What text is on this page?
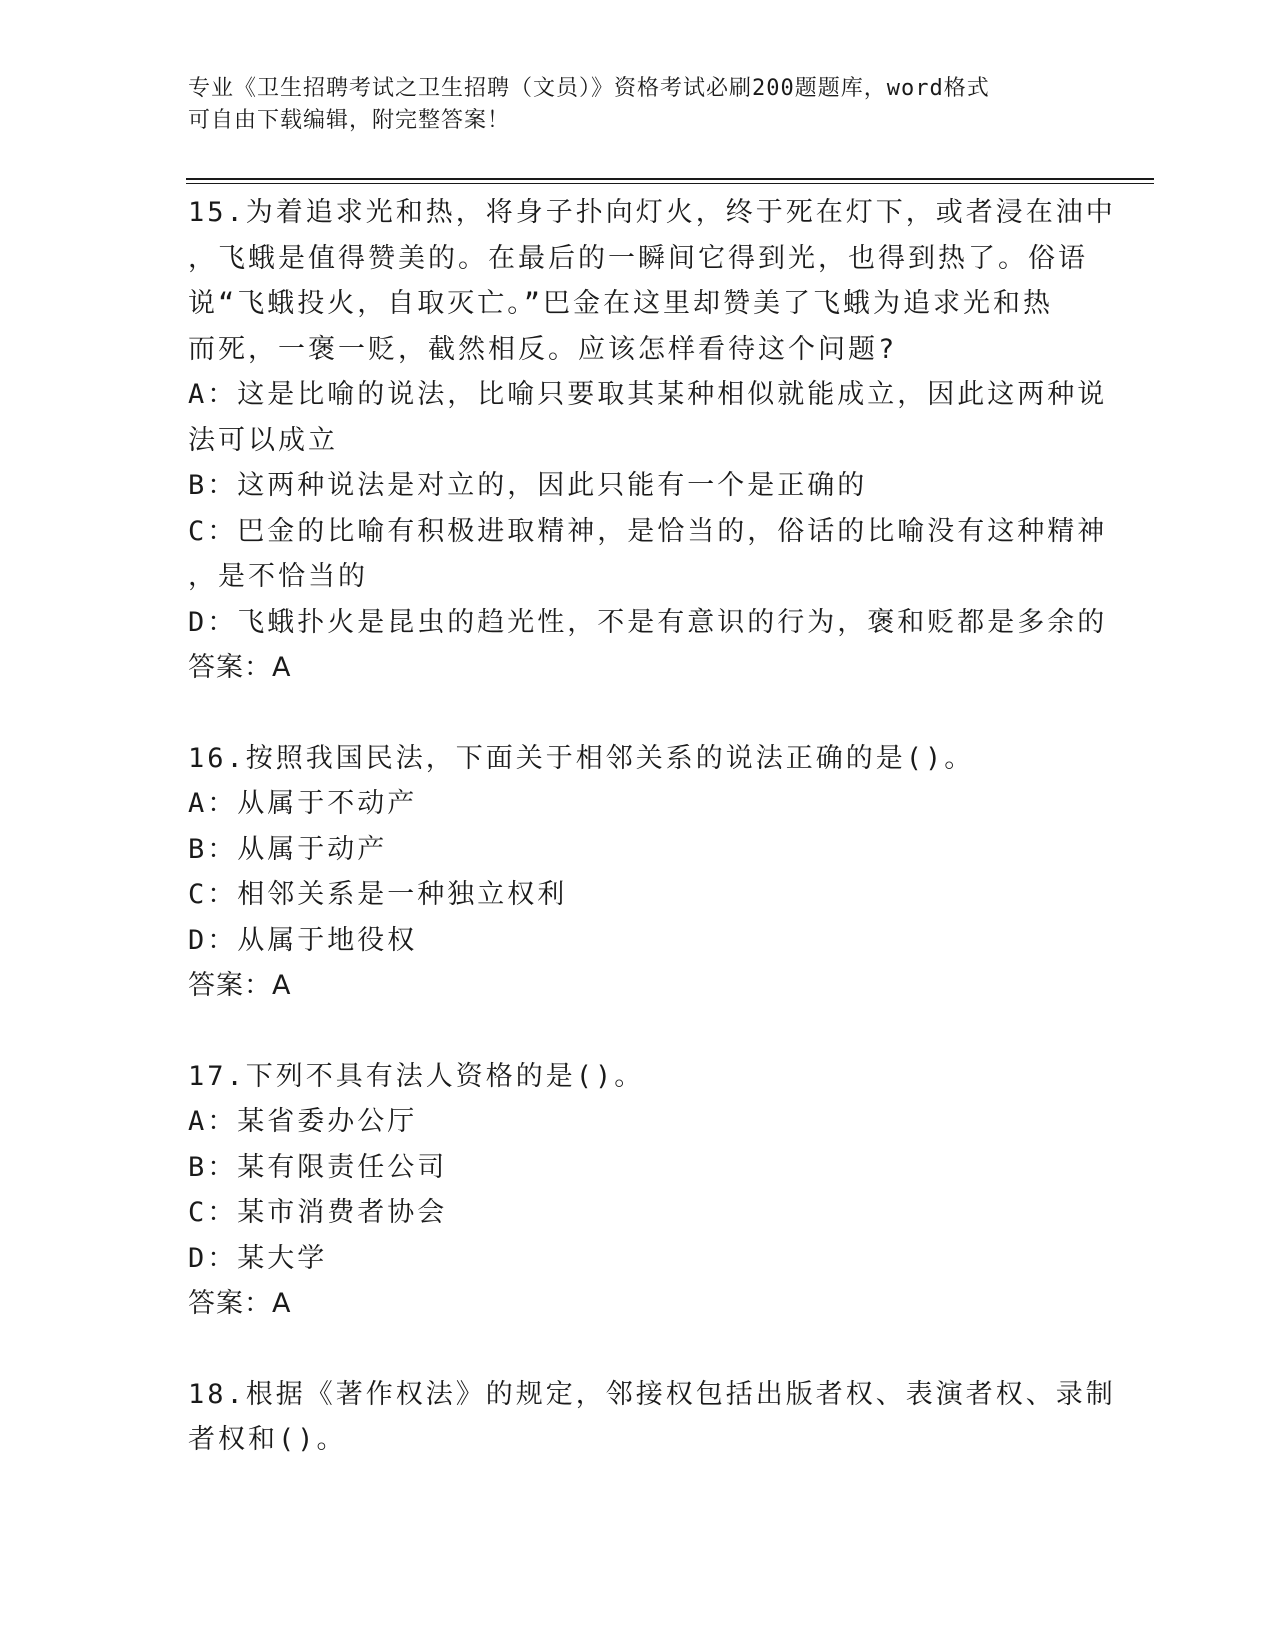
专业《卫生招聘考试之卫生招聘（文员）》资格考试必刷200题题库，word格式
可自由下载编辑，附完整答案！
15.为着追求光和热，将身子扑向灯火，终于死在灯下，或者浸在油中
，飞蛾是值得赞美的。在最后的一瞬间它得到光，也得到热了。俗语
说“飞蛾投火，自取灭亡。”巴金在这里却赞美了飞蛾为追求光和热
而死，一褒一贬，截然相反。应该怎样看待这个问题?
A：这是比喻的说法，比喻只要取其某种相似就能成立，因此这两种说
法可以成立
B：这两种说法是对立的，因此只能有一个是正确的
C：巴金的比喻有积极进取精神，是恰当的，俗话的比喻没有这种精神
，是不恰当的
D：飞蛾扑火是昆虫的趋光性，不是有意识的行为，褒和贬都是多余的
答案：A
16.按照我国民法，下面关于相邻关系的说法正确的是()。
A：从属于不动产
B：从属于动产
C：相邻关系是一种独立权利
D：从属于地役权
答案：A
17.下列不具有法人资格的是()。
A：某省委办公厅
B：某有限责任公司
C：某市消费者协会
D：某大学
答案：A
18.根据《著作权法》的规定，邻接权包括出版者权、表演者权、录制
者权和()。
